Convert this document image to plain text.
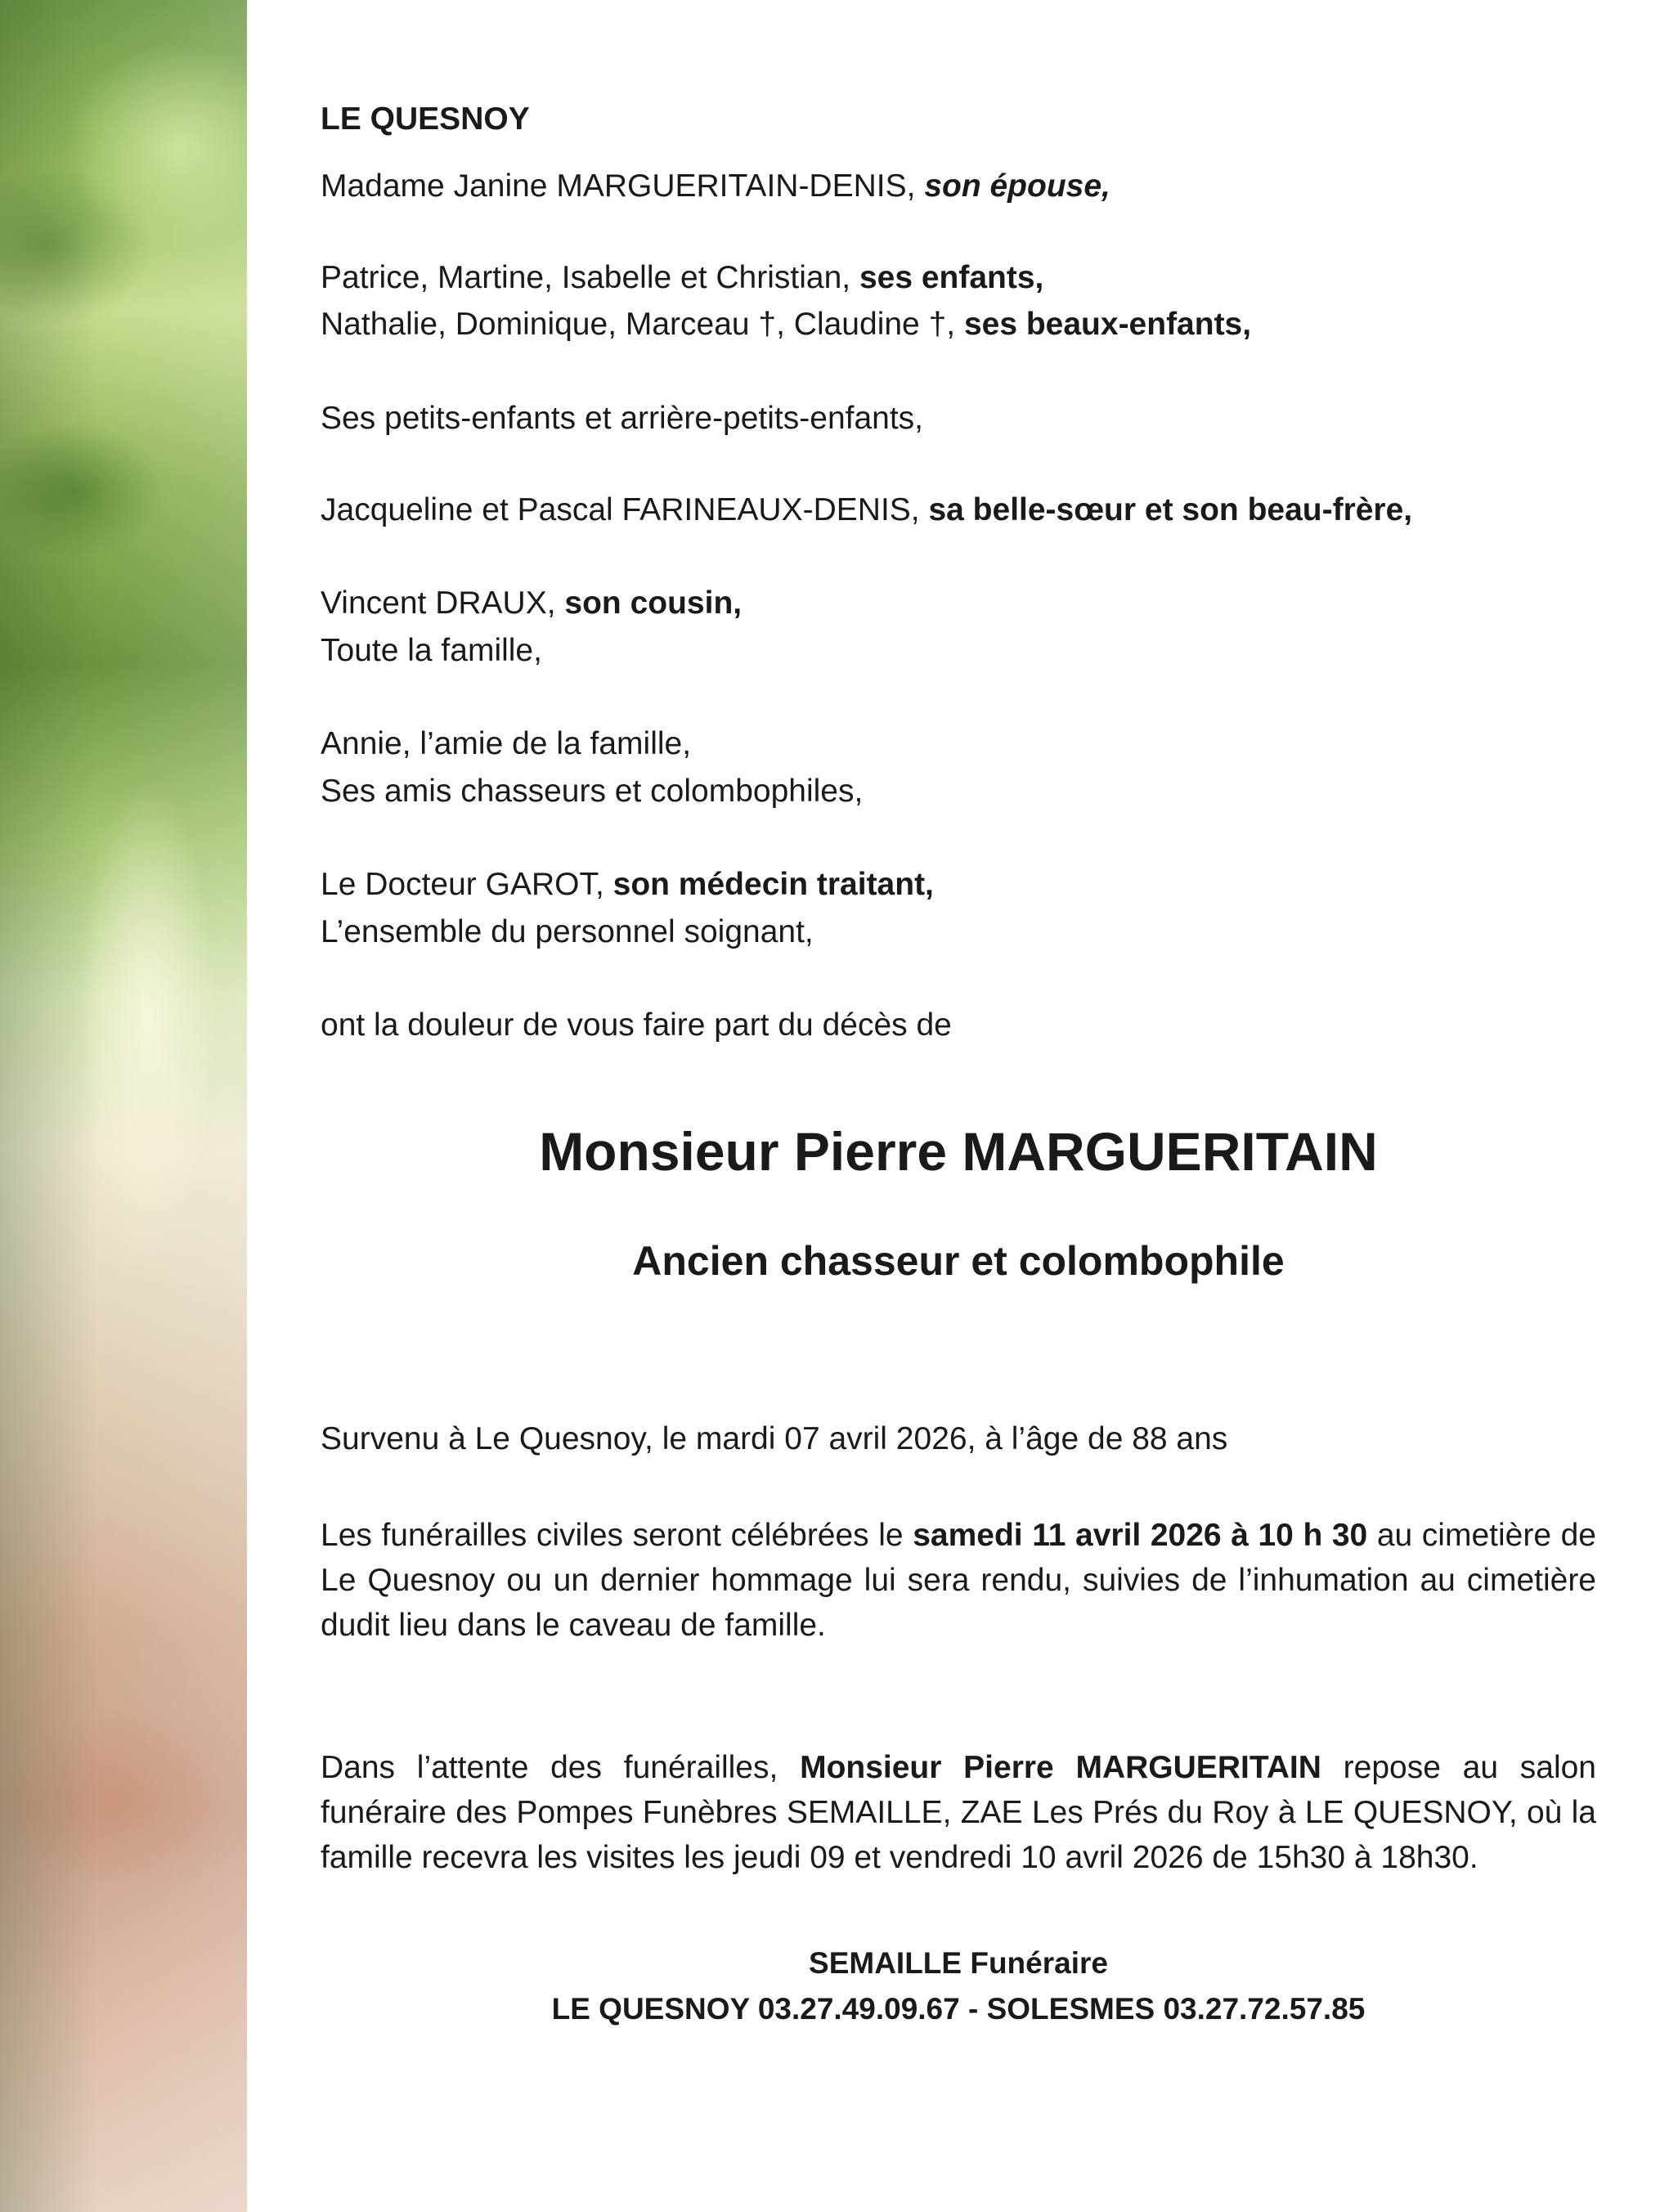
LE QUESNOY
Madame Janine MARGUERITAIN-DENIS, son épouse,
Patrice, Martine, Isabelle et Christian, ses enfants,
Nathalie, Dominique, Marceau †, Claudine †, ses beaux-enfants,
Ses petits-enfants et arrière-petits-enfants,
Jacqueline et Pascal FARINEAUX-DENIS, sa belle-sœur et son beau-frère,
Vincent DRAUX, son cousin,
Toute la famille,
Annie, l’amie de la famille,
Ses amis chasseurs et colombophiles,
Le Docteur GAROT, son médecin traitant,
L’ensemble du personnel soignant,
ont la douleur de vous faire part du décès de
Monsieur Pierre MARGUERITAIN
Ancien chasseur et colombophile
Survenu à Le Quesnoy, le mardi 07 avril 2026, à l’âge de 88 ans
Les funérailles civiles seront célébrées le samedi 11 avril 2026 à 10 h 30 au cimetière de Le Quesnoy ou un dernier hommage lui sera rendu, suivies de l’inhumation au cimetière dudit lieu dans le caveau de famille.
Dans l’attente des funérailles, Monsieur Pierre MARGUERITAIN repose au salon funéraire des Pompes Funèbres SEMAILLE, ZAE Les Prés du Roy à LE QUESNOY, où la famille recevra les visites les jeudi 09 et vendredi 10 avril 2026 de 15h30 à 18h30.
SEMAILLE Funéraire
LE QUESNOY 03.27.49.09.67 - SOLESMES 03.27.72.57.85
